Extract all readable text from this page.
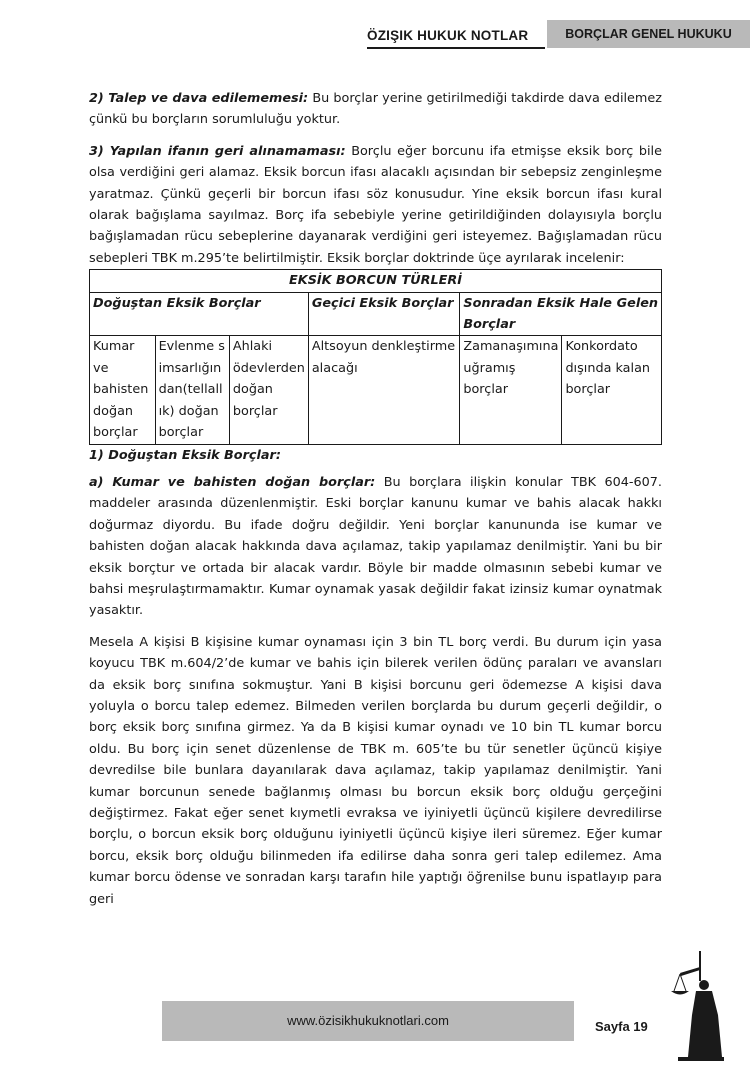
ÖZIŞIK HUKUK NOTLAR	BORÇLAR GENEL HUKUKU

2) Talep ve dava edilememesi: Bu borçlar yerine getirilmediği takdirde dava edilemez çünkü bu borçların sorumluluğu yoktur.

3) Yapılan ifanın geri alınamaması: Borçlu eğer borcunu ifa etmişse eksik borç bile olsa verdiğini geri alamaz. Eksik borcun ifası alacaklı açısından bir sebepsiz zenginleşme yaratmaz. Çünkü geçerli bir borcun ifası söz konusudur. Yine eksik borcun ifası kural olarak bağışlama sayılmaz. Borç ifa sebebiyle yerine getirildiğinden dolayısıyla borçlu bağışlamadan rücu sebeplerine dayanarak verdiğini geri isteyemez. Bağışlamadan rücu sebepleri TBK m.295’te belirtilmiştir. Eksik borçlar doktrinde üçe ayrılarak incelenir:

EKSİK BORCUN TÜRLERİ					
Doğuştan Eksik Borçlar			Geçici Eksik Borçlar	Sonradan Eksik Hale Gelen Borçlar	
Kumar ve bahisten doğan borçlar	Evlenme simsarlığından(tellallık) doğan borçlar	Ahlaki ödevlerden doğan borçlar	Altsoyun denkleştirme alacağı	Zamanaşımına uğramış borçlar	Konkordato dışında kalan borçlar
1) Doğuştan Eksik Borçlar:

a) Kumar ve bahisten doğan borçlar: Bu borçlara ilişkin konular TBK 604-607. maddeler arasında düzenlenmiştir. Eski borçlar kanunu kumar ve bahis alacak hakkı doğurmaz diyordu. Bu ifade doğru değildir. Yeni borçlar kanununda ise kumar ve bahisten doğan alacak hakkında dava açılamaz, takip yapılamaz denilmiştir. Yani bu bir eksik borçtur ve ortada bir alacak vardır. Böyle bir madde olmasının sebebi kumar ve bahsi meşrulaştırmamaktır. Kumar oynamak yasak değildir fakat izinsiz kumar oynatmak yasaktır.

Mesela A kişisi B kişisine kumar oynaması için 3 bin TL borç verdi. Bu durum için yasa koyucu TBK m.604/2’de kumar ve bahis için bilerek verilen ödünç paraları ve avansları da eksik borç sınıfına sokmuştur. Yani B kişisi borcunu geri ödemezse A kişisi dava yoluyla o borcu talep edemez. Bilmeden verilen borçlarda bu durum geçerli değildir, o borç eksik borç sınıfına girmez. Ya da B kişisi kumar oynadı ve 10 bin TL kumar borcu oldu. Bu borç için senet düzenlense de TBK m. 605’te bu tür senetler üçüncü kişiye devredilse bile bunlara dayanılarak dava açılamaz, takip yapılamaz denilmiştir. Yani kumar borcunun senede bağlanmış olması bu borcun eksik borç olduğu gerçeğini değiştirmez. Fakat eğer senet kıymetli evraksa ve iyiniyetli üçüncü kişilere devredilirse borçlu, o borcun eksik borç olduğunu iyiniyetli üçüncü kişiye ileri süremez. Eğer kumar borcu, eksik borç olduğu bilinmeden ifa edilirse daha sonra geri talep edilemez. Ama kumar borcu ödense ve sonradan karşı tarafın hile yaptığı öğrenilse bunu ispatlayıp para geri

www.özisikhukuknotlari.com	Sayfa 19
